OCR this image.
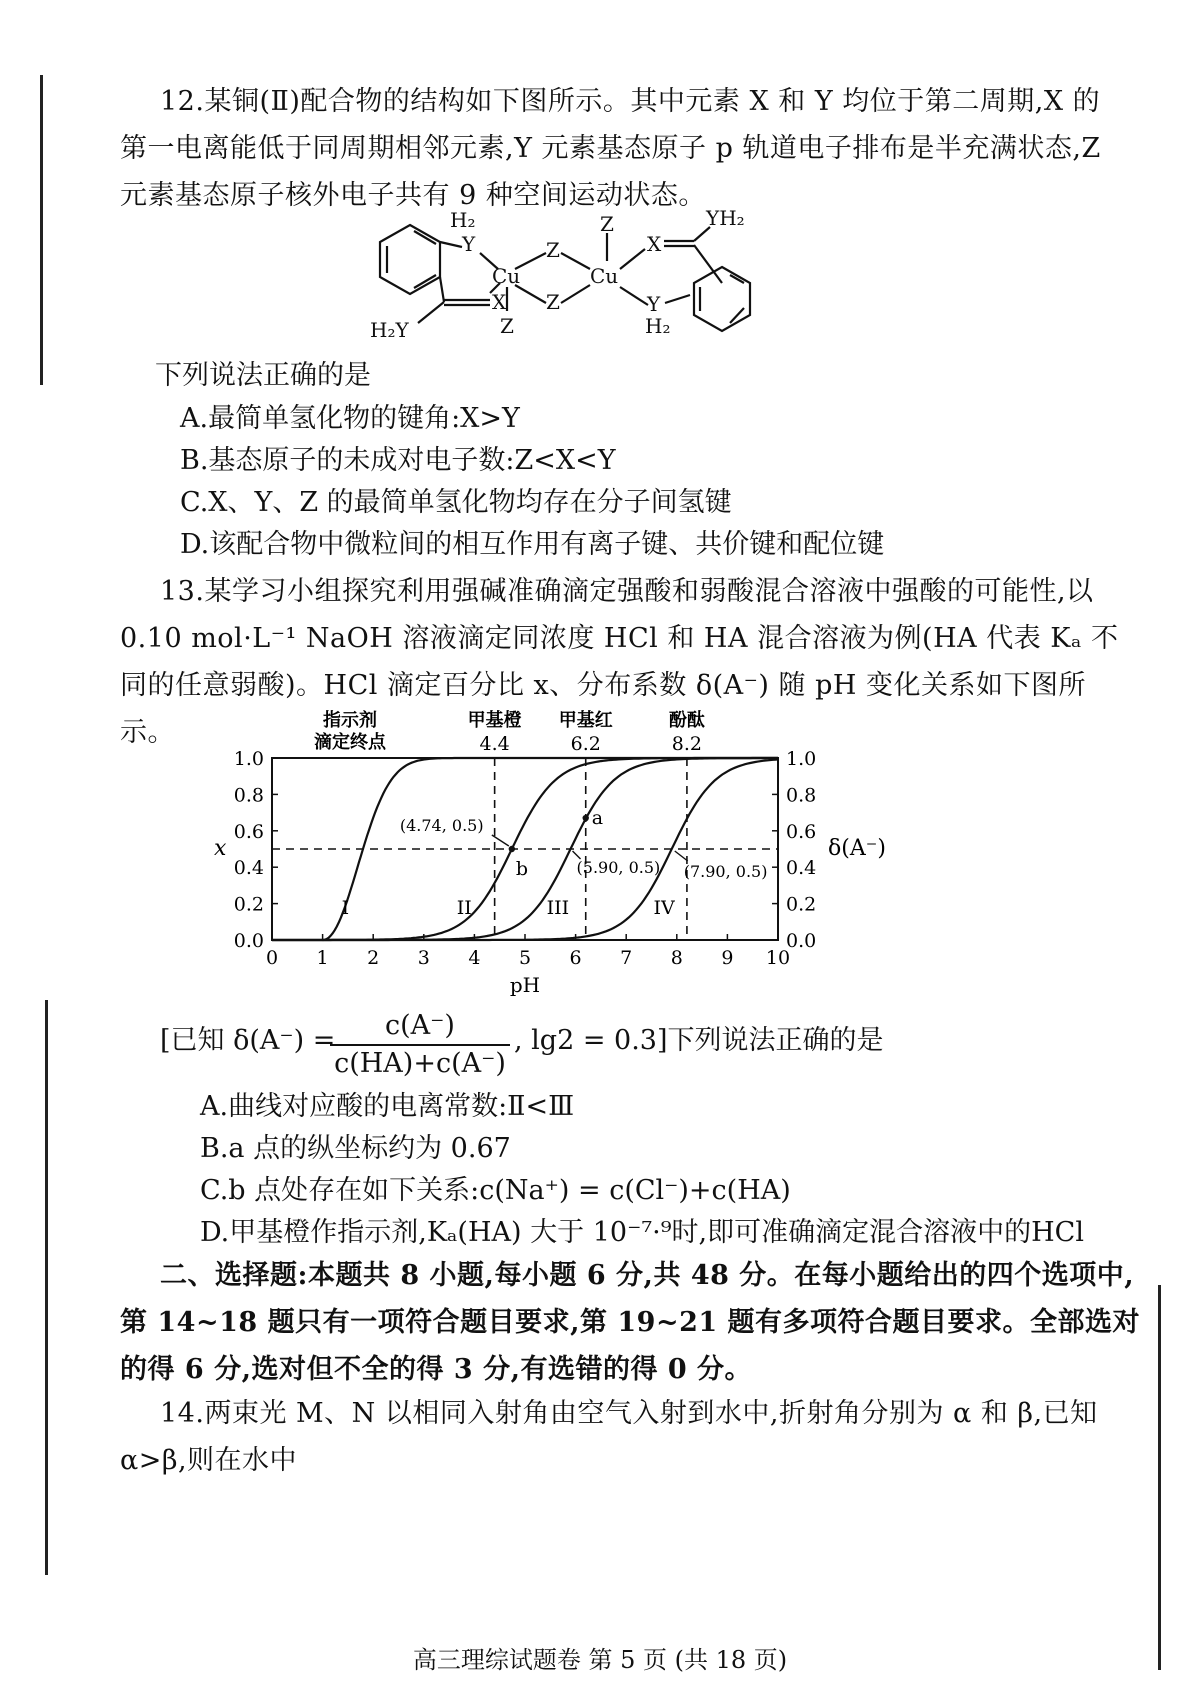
12.某铜(Ⅱ)配合物的结构如下图所示。其中元素 X 和 Y 均位于第二周期,X 的第一电离能低于同周期相邻元素,Y 元素基态原子 p 轨道电子排布是半充满状态,Z 元素基态原子核外电子共有 9 种空间运动状态。
H₂
Y
Cu
X
H₂Y	Z
Z
Z
Cu
Z
X
YH₂
Y
H₂
下列说法正确的是
A.最简单氢化物的键角:X>Y
B.基态原子的未成对电子数:Z<X<Y
C.X、Y、Z 的最简单氢化物均存在分子间氢键
D.该配合物中微粒间的相互作用有离子键、共价键和配位键
13.某学习小组探究利用强碱准确滴定强酸和弱酸混合溶液中强酸的可能性,以 0.10 mol·L⁻¹ NaOH 溶液滴定同浓度 HCl 和 HA 混合溶液为例(HA 代表 Kₐ 不同的任意弱酸)。HCl 滴定百分比 x、分布系数 δ(A⁻) 随 pH 变化关系如下图所示。
0 1 2 3 4 5 6 7 8 9 10
0.0	0.0
0.2	0.2
0.4	0.4
0.6	0.6
0.8	0.8
1.0	1.0
pH
x	δ(A⁻)
指示剂
滴定终点
甲基橙
4.4
甲基红
6.2
酚酞
8.2
I	II	III	IV
(4.74, 0.5)
(5.90, 0.5) (7.90, 0.5)
a
b
[已知 δ(A⁻) =
$\frac{c(A^-)}{c(HA)+c(A^-)}$ , lg2 = 0.3]下列说法正确的是
A.曲线对应酸的电离常数:Ⅱ<Ⅲ
B.a 点的纵坐标约为 0.67
C.b 点处存在如下关系:c(Na⁺) = c(Cl⁻)+c(HA)
D.甲基橙作指示剂,Kₐ(HA) 大于 10⁻⁷·⁹时,即可准确滴定混合溶液中的HCl
二、选择题:本题共 8 小题,每小题 6 分,共 48 分。在每小题给出的四个选项中,第 14~18 题只有一项符合题目要求,第 19~21 题有多项符合题目要求。全部选对的得 6 分,选对但不全的得 3 分,有选错的得 0 分。
14.两束光 M、N 以相同入射角由空气入射到水中,折射角分别为 α 和 β,已知 α>β,则在水中
高三理综试题卷 第 5 页 (共 18 页)
